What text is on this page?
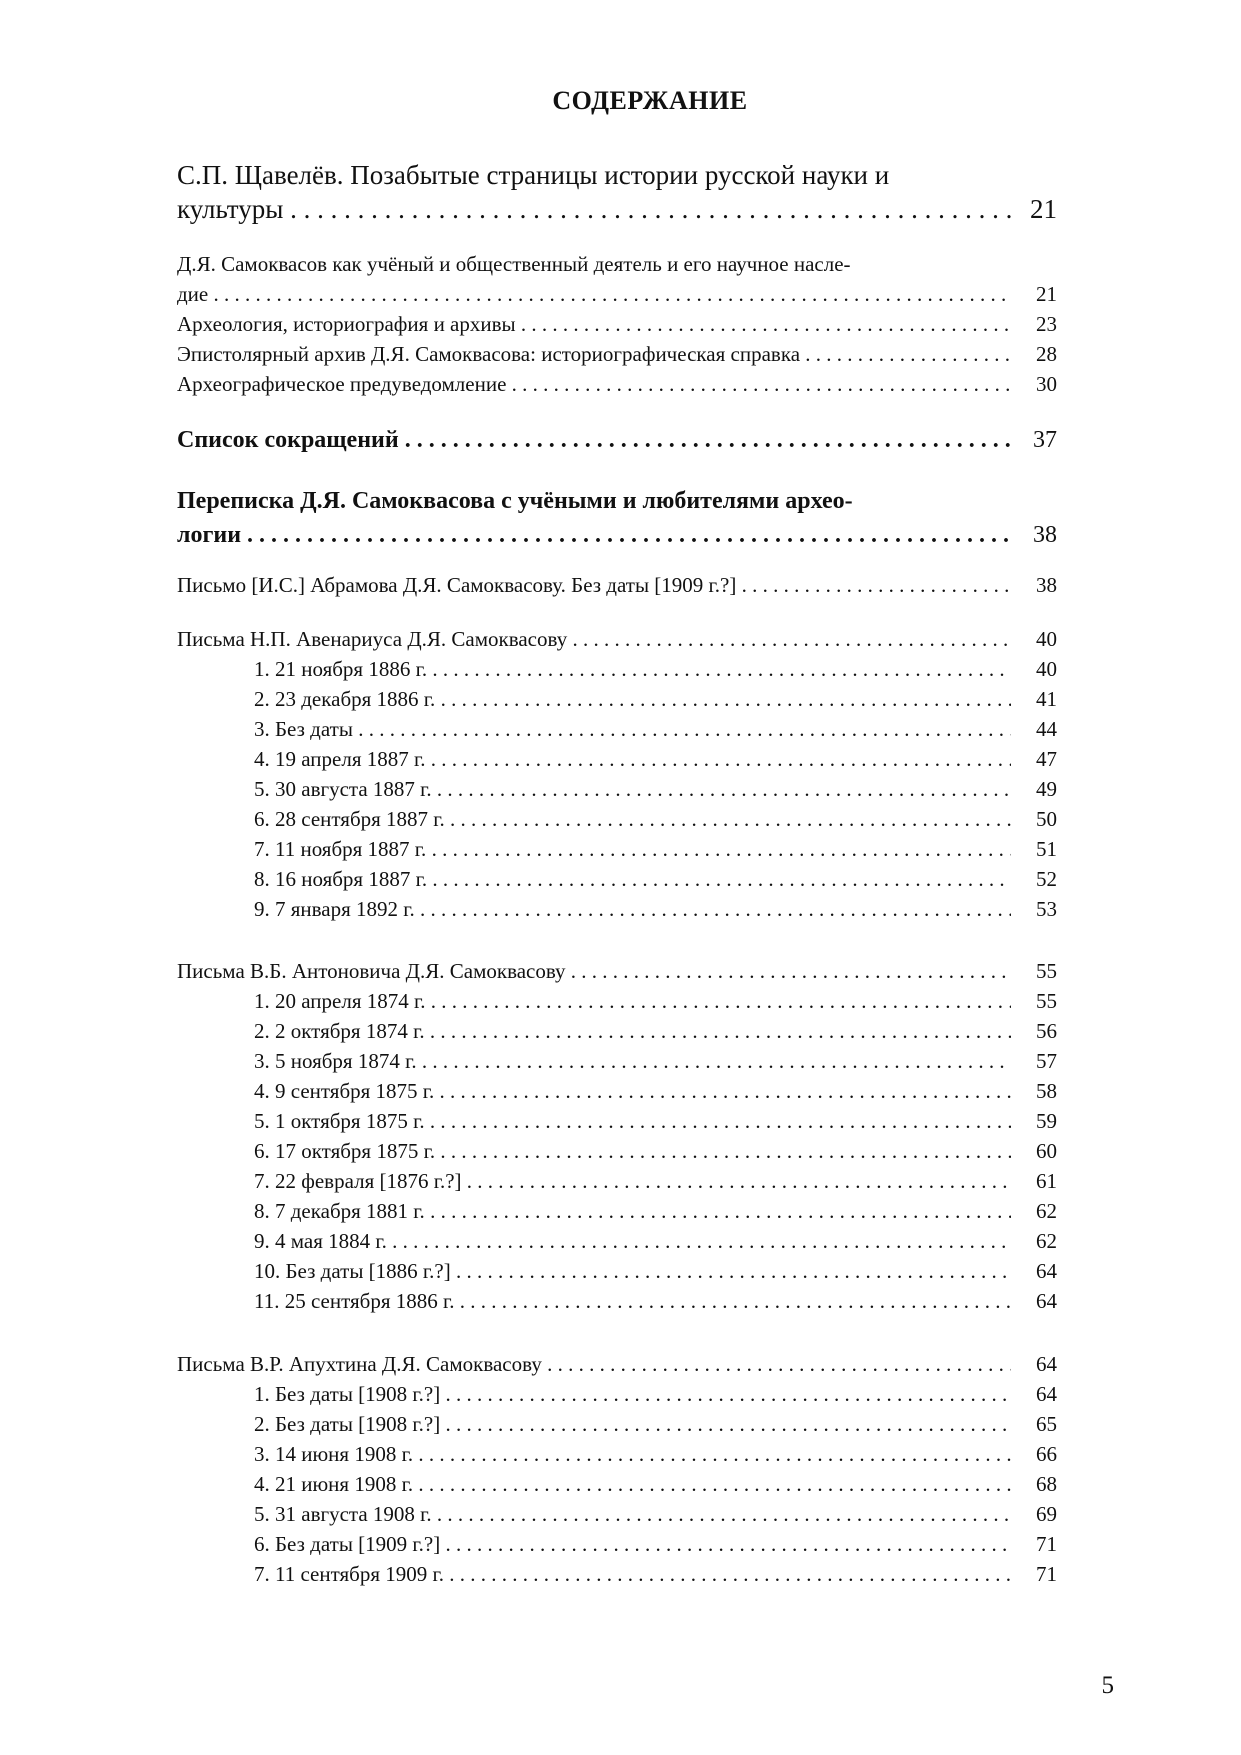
СОДЕРЖАНИЕ
С.П. Щавелёв. Позабытые страницы истории русской науки и
культуры . . .	21
Д.Я. Самоквасов как учёный и общественный деятель и его научное насле-
дие . . .	21
Археология, историография и архивы . . .	23
Эпистолярный архив Д.Я. Самоквасова: историографическая справка . . .	28
Археографическое предуведомление . . .	30
Список сокращений . . .	37
Переписка Д.Я. Самоквасова с учёными и любителями архео-
логии . . .	38
Письмо [И.С.] Абрамова Д.Я. Самоквасову. Без даты [1909 г.?] . . .	38
Письма Н.П. Авенариуса Д.Я. Самоквасову . . .	40
1. 21 ноября 1886 г. . . .	40
2. 23 декабря 1886 г. . . .	41
3. Без даты . . .	44
4. 19 апреля 1887 г. . . .	47
5. 30 августа 1887 г. . . .	49
6. 28 сентября 1887 г. . . .	50
7. 11 ноября 1887 г. . . .	51
8. 16 ноября 1887 г. . . .	52
9. 7 января 1892 г. . . .	53
Письма В.Б. Антоновича Д.Я. Самоквасову . . .	55
1. 20 апреля 1874 г. . . .	55
2. 2 октября 1874 г. . . .	56
3. 5 ноября 1874 г. . . .	57
4. 9 сентября 1875 г. . . .	58
5. 1 октября 1875 г. . . .	59
6. 17 октября 1875 г. . . .	60
7. 22 февраля [1876 г.?] . . .	61
8. 7 декабря 1881 г. . . .	62
9. 4 мая 1884 г. . . .	62
10. Без даты [1886 г.?] . . .	64
11. 25 сентября 1886 г. . . .	64
Письма В.Р. Апухтина Д.Я. Самоквасову . . .	64
1. Без даты [1908 г.?] . . .	64
2. Без даты [1908 г.?] . . .	65
3. 14 июня 1908 г. . . .	66
4. 21 июня 1908 г. . . .	68
5. 31 августа 1908 г. . . .	69
6. Без даты [1909 г.?] . . .	71
7. 11 сентября 1909 г. . . .	71
5
